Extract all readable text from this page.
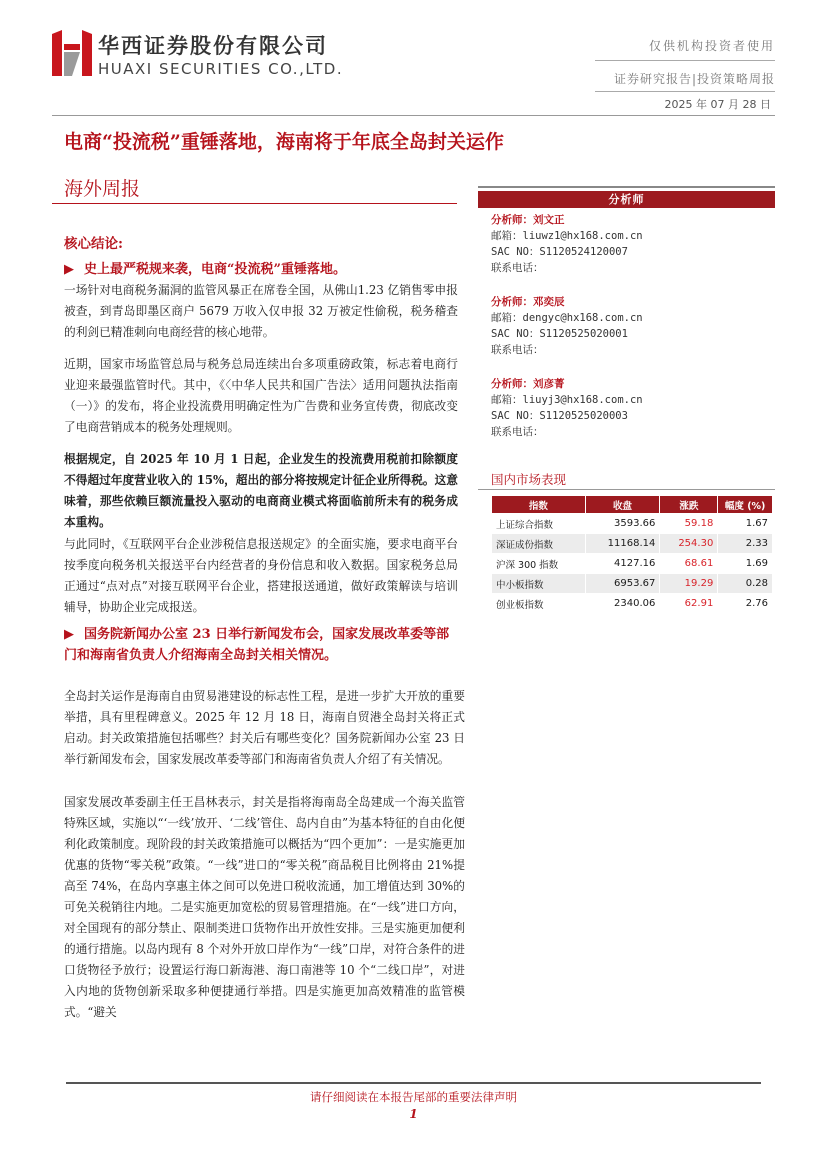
华西证券股份有限公司
HUAXI SECURITIES CO.,LTD.
仅供机构投资者使用
证券研究报告|投资策略周报
2025 年 07 月 28 日
电商“投流税”重锤落地，海南将于年底全岛封关运作
海外周报	分析师
分析师：刘文正
邮箱：liuwz1@hx168.com.cn
SAC NO：S1120524120007
联系电话：
分析师：邓奕辰
邮箱：dengyc@hx168.com.cn
SAC NO：S1120525020001
联系电话：
分析师：刘彦菁
邮箱：liuyj3@hx168.com.cn
SAC NO：S1120525020003
联系电话：
国内市场表现
指数	收盘	涨跌	幅度 (%)
上证综合指数	3593.66	59.18	1.67
深证成份指数	11168.14	254.30	2.33
沪深 300 指数	4127.16	68.61	1.69
中小板指数	6953.67	19.29	0.28
创业板指数	2340.06	62.91	2.76
核心结论:
▶ 史上最严税规来袭，电商“投流税”重锤落地。
一场针对电商税务漏洞的监管风暴正在席卷全国，从佛山1.23 亿销售零申报被查，到青岛即墨区商户 5679 万收入仅申报 32 万被定性偷税，税务稽查的利剑已精准刺向电商经营的核心地带。
近期，国家市场监管总局与税务总局连续出台多项重磅政策，标志着电商行业迎来最强监管时代。其中，《〈中华人民共和国广告法〉适用问题执法指南（一）》的发布，将企业投流费用明确定性为广告费和业务宣传费，彻底改变了电商营销成本的税务处理规则。
根据规定，自 2025 年 10 月 1 日起，企业发生的投流费用税前扣除额度不得超过年度营业收入的 15%，超出的部分将按规定计征企业所得税。这意味着，那些依赖巨额流量投入驱动的电商商业模式将面临前所未有的税务成本重构。
与此同时，《互联网平台企业涉税信息报送规定》的全面实施，要求电商平台按季度向税务机关报送平台内经营者的身份信息和收入数据。国家税务总局正通过“点对点”对接互联网平台企业，搭建报送通道，做好政策解读与培训辅导，协助企业完成报送。
▶ 国务院新闻办公室 23 日举行新闻发布会，国家发展改革委等部门和海南省负责人介绍海南全岛封关相关情况。
全岛封关运作是海南自由贸易港建设的标志性工程，是进一步扩大开放的重要举措，具有里程碑意义。2025 年 12 月 18 日，海南自贸港全岛封关将正式启动。封关政策措施包括哪些？封关后有哪些变化？国务院新闻办公室 23 日举行新闻发布会，国家发展改革委等部门和海南省负责人介绍了有关情况。
国家发展改革委副主任王昌林表示，封关是指将海南岛全岛建成一个海关监管特殊区域，实施以“‘一线’放开、‘二线’管住、岛内自由”为基本特征的自由化便利化政策制度。现阶段的封关政策措施可以概括为“四个更加”：一是实施更加优惠的货物“零关税”政策。“一线”进口的“零关税”商品税目比例将由 21%提高至 74%，在岛内享惠主体之间可以免进口税收流通，加工增值达到 30%的可免关税销往内地。二是实施更加宽松的贸易管理措施。在“一线”进口方向，对全国现有的部分禁止、限制类进口货物作出开放性安排。三是实施更加便利的通行措施。以岛内现有 8 个对外开放口岸作为“一线”口岸，对符合条件的进口货物径予放行；设置运行海口新海港、海口南港等 10 个“二线口岸”，对进入内地的货物创新采取多种便捷通行举措。四是实施更加高效精准的监管模式。“避关
请仔细阅读在本报告尾部的重要法律声明
1
